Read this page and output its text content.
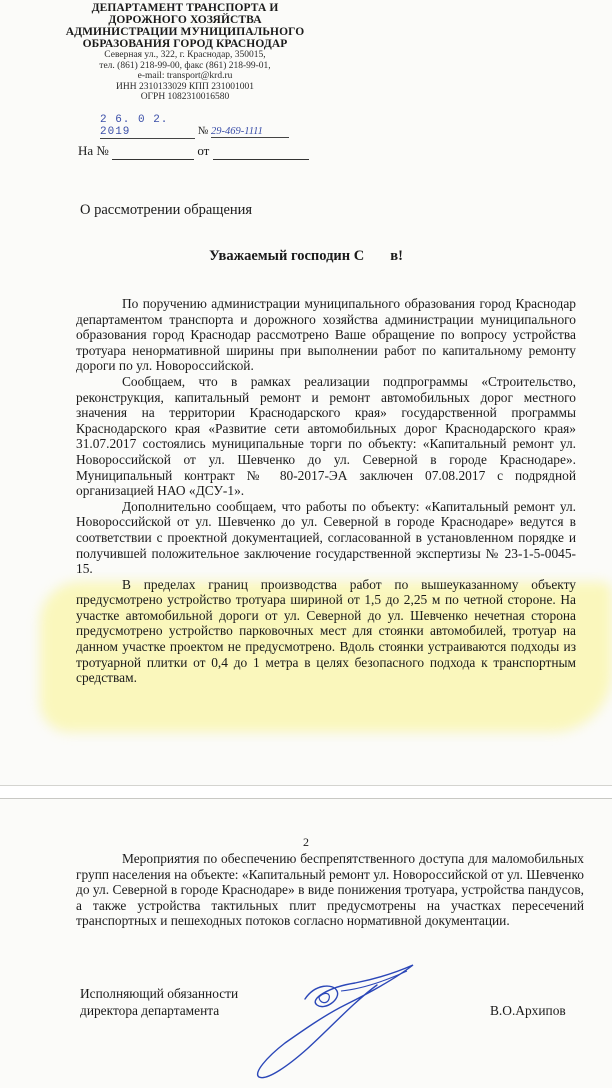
ДЕПАРТАМЕНТ ТРАНСПОРТА И
ДОРОЖНОГО ХОЗЯЙСТВА
АДМИНИСТРАЦИИ МУНИЦИПАЛЬНОГО
ОБРАЗОВАНИЯ ГОРОД КРАСНОДАР
Северная ул., 322, г. Краснодар, 350015,
тел. (861) 218-99-00, факс (861) 218-99-01,
e-mail: transport@krd.ru
ИНН 2310133029 КПП 231001001
ОГРН 1082310016580
2 6. 0 2. 2019	№ 29-469-1111
На №	от
О рассмотрении обращения
Уважаемый господин С в!

По поручению администрации муниципального образования город Краснодар департаментом транспорта и дорожного хозяйства администрации муниципального образования город Краснодар рассмотрено Ваше обращение по вопросу устройства тротуара ненормативной ширины при выполнении работ по капитальному ремонту дороги по ул. Новороссийской.

Сообщаем, что в рамках реализации подпрограммы «Строительство, реконструкция, капитальный ремонт и ремонт автомобильных дорог местного значения на территории Краснодарского края» государственной программы Краснодарского края «Развитие сети автомобильных дорог Краснодарского края» 31.07.2017 состоялись муниципальные торги по объекту: «Капитальный ремонт ул. Новороссийской от ул. Шевченко до ул. Северной в городе Краснодаре». Муниципальный контракт № 80-2017-ЭА заключен 07.08.2017 с подрядной организацией НАО «ДСУ-1».

Дополнительно сообщаем, что работы по объекту: «Капитальный ремонт ул. Новороссийской от ул. Шевченко до ул. Северной в городе Краснодаре» ведутся в соответствии с проектной документацией, согласованной в установленном порядке и получившей положительное заключение государственной экспертизы № 23-1-5-0045-15.

В пределах границ производства работ по вышеуказанному объекту предусмотрено устройство тротуара шириной от 1,5 до 2,25 м по четной стороне. На участке автомобильной дороги от ул. Северной до ул. Шевченко нечетная сторона предусмотрено устройство парковочных мест для стоянки автомобилей, тротуар на данном участке проектом не предусмотрено. Вдоль стоянки устраиваются подходы из тротуарной плитки от 0,4 до 1 метра в целях безопасного подхода к транспортным средствам.

2

Мероприятия по обеспечению беспрепятственного доступа для маломобильных групп населения на объекте: «Капитальный ремонт ул. Новороссийской от ул. Шевченко до ул. Северной в городе Краснодаре» в виде понижения тротуара, устройства пандусов, а также устройства тактильных плит предусмотрены на участках пересечений транспортных и пешеходных потоков согласно нормативной документации.

Исполняющий обязанности
директора департамента	В.О.Архипов
